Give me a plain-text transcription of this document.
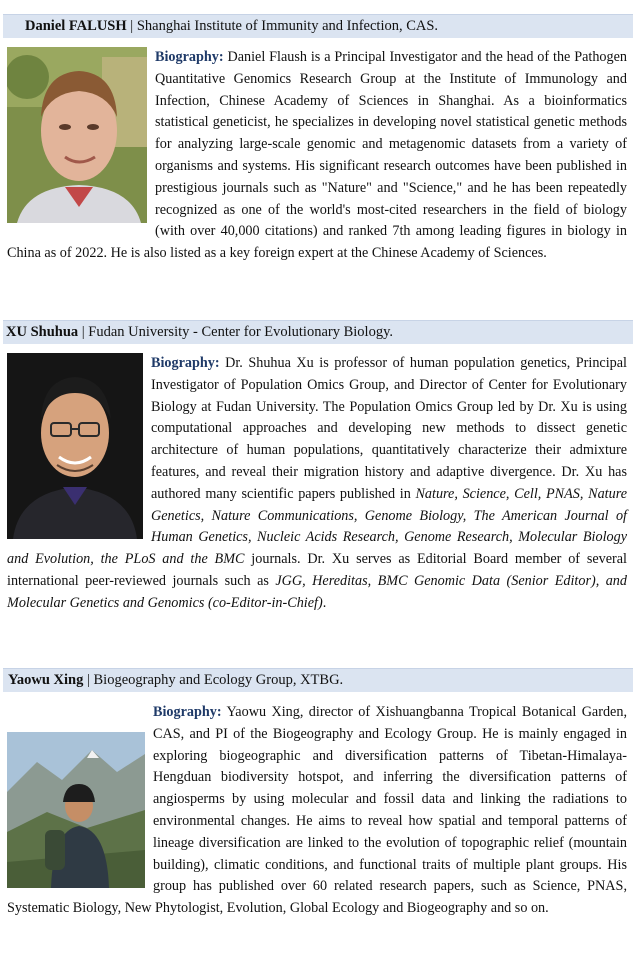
Daniel FALUSH | Shanghai Institute of Immunity and Infection, CAS.
Biography: Daniel Flaush is a Principal Investigator and the head of the Pathogen Quantitative Genomics Research Group at the Institute of Immunology and Infection, Chinese Academy of Sciences in Shanghai. As a bioinformatics statistical geneticist, he specializes in developing novel statistical genetic methods for analyzing large-scale genomic and metagenomic datasets from a variety of organisms and systems. His significant research outcomes have been published in prestigious journals such as "Nature" and "Science," and he has been repeatedly recognized as one of the world's most-cited researchers in the field of biology (with over 40,000 citations) and ranked 7th among leading figures in biology in China as of 2022. He is also listed as a key foreign expert at the Chinese Academy of Sciences.
XU Shuhua | Fudan University - Center for Evolutionary Biology.
Biography: Dr. Shuhua Xu is professor of human population genetics, Principal Investigator of Population Omics Group, and Director of Center for Evolutionary Biology at Fudan University. The Population Omics Group led by Dr. Xu is using computational approaches and developing new methods to dissect genetic architecture of human populations, quantitatively characterize their admixture features, and reveal their migration history and adaptive divergence. Dr. Xu has authored many scientific papers published in Nature, Science, Cell, PNAS, Nature Genetics, Nature Communications, Genome Biology, The American Journal of Human Genetics, Nucleic Acids Research, Genome Research, Molecular Biology and Evolution, the PLoS and the BMC journals. Dr. Xu serves as Editorial Board member of several international peer-reviewed journals such as JGG, Hereditas, BMC Genomic Data (Senior Editor), and Molecular Genetics and Genomics (co-Editor-in-Chief).
Yaowu Xing | Biogeography and Ecology Group, XTBG.
Biography: Yaowu Xing, director of Xishuangbanna Tropical Botanical Garden, CAS, and PI of the Biogeography and Ecology Group. He is mainly engaged in exploring biogeographic and diversification patterns of Tibetan-Himalaya-Hengduan biodiversity hotspot, and inferring the diversification patterns of angiosperms by using molecular and fossil data and linking the radiations to environmental changes. He aims to reveal how spatial and temporal patterns of lineage diversification are linked to the evolution of topographic relief (mountain building), climatic conditions, and functional traits of multiple plant groups. His group has published over 60 related research papers, such as Science, PNAS, Systematic Biology, New Phytologist, Evolution, Global Ecology and Biogeography and so on.
